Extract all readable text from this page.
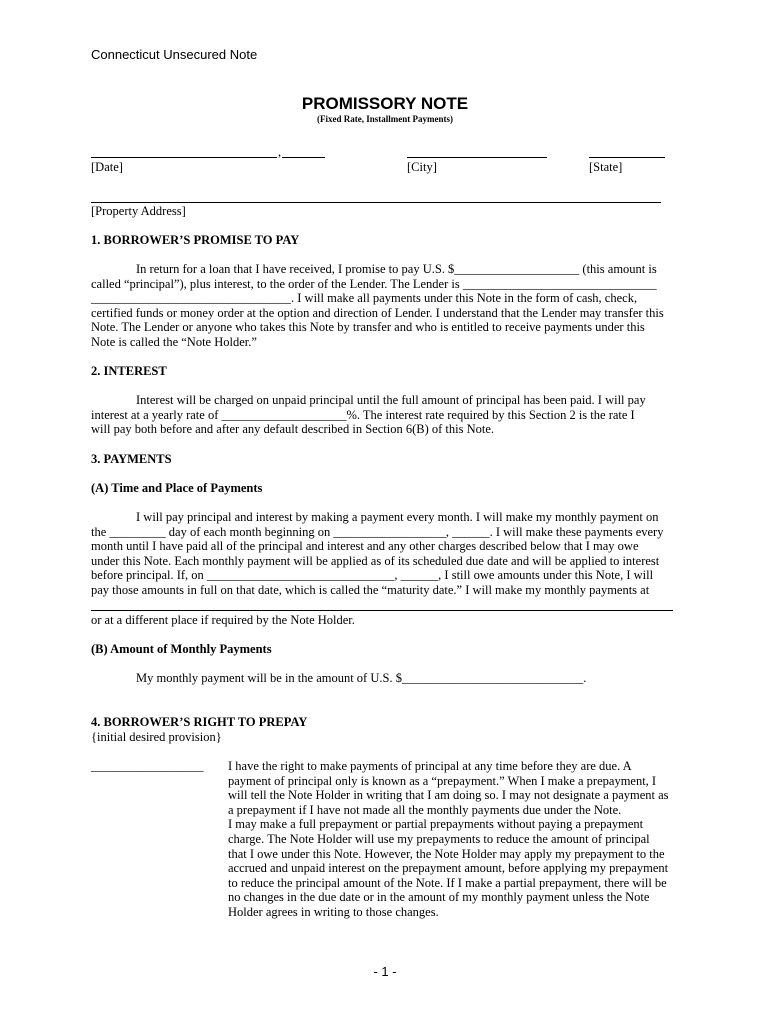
Connecticut Unsecured Note
PROMISSORY NOTE
(Fixed Rate, Installment Payments)
,
[Date]	[City]	[State]
[Property Address]
1. BORROWER’S PROMISE TO PAY

In return for a loan that I have received, I promise to pay U.S. $____________________ (this amount is

called “principal”), plus interest, to the order of the Lender. The Lender is _______________________________

________________________________. I will make all payments under this Note in the form of cash, check,

certified funds or money order at the option and direction of Lender. I understand that the Lender may transfer this

Note. The Lender or anyone who takes this Note by transfer and who is entitled to receive payments under this

Note is called the “Note Holder.”

2. INTEREST

Interest will be charged on unpaid principal until the full amount of principal has been paid. I will pay

interest at a yearly rate of ____________________%. The interest rate required by this Section 2 is the rate I

will pay both before and after any default described in Section 6(B) of this Note.

3. PAYMENTS
(A) Time and Place of Payments

I will pay principal and interest by making a payment every month. I will make my monthly payment on

the _________ day of each month beginning on __________________, ______. I will make these payments every

month until I have paid all of the principal and interest and any other charges described below that I may owe

under this Note. Each monthly payment will be applied as of its scheduled due date and will be applied to interest

before principal. If, on ______________________________, ______, I still owe amounts under this Note, I will

pay those amounts in full on that date, which is called the “maturity date.” I will make my monthly payments at

or at a different place if required by the Note Holder.
(B) Amount of Monthly Payments
My monthly payment will be in the amount of U.S. $_____________________________.
4. BORROWER’S RIGHT TO PREPAY
{initial desired provision}
__________________ I have the right to make payments of principal at any time before they are due. A

payment of principal only is known as a “prepayment.” When I make a prepayment, I

will tell the Note Holder in writing that I am doing so. I may not designate a payment as

a prepayment if I have not made all the monthly payments due under the Note.

I may make a full prepayment or partial prepayments without paying a prepayment

charge. The Note Holder will use my prepayments to reduce the amount of principal

that I owe under this Note. However, the Note Holder may apply my prepayment to the

accrued and unpaid interest on the prepayment amount, before applying my prepayment

to reduce the principal amount of the Note. If I make a partial prepayment, there will be

no changes in the due date or in the amount of my monthly payment unless the Note

Holder agrees in writing to those changes.

- 1 -
